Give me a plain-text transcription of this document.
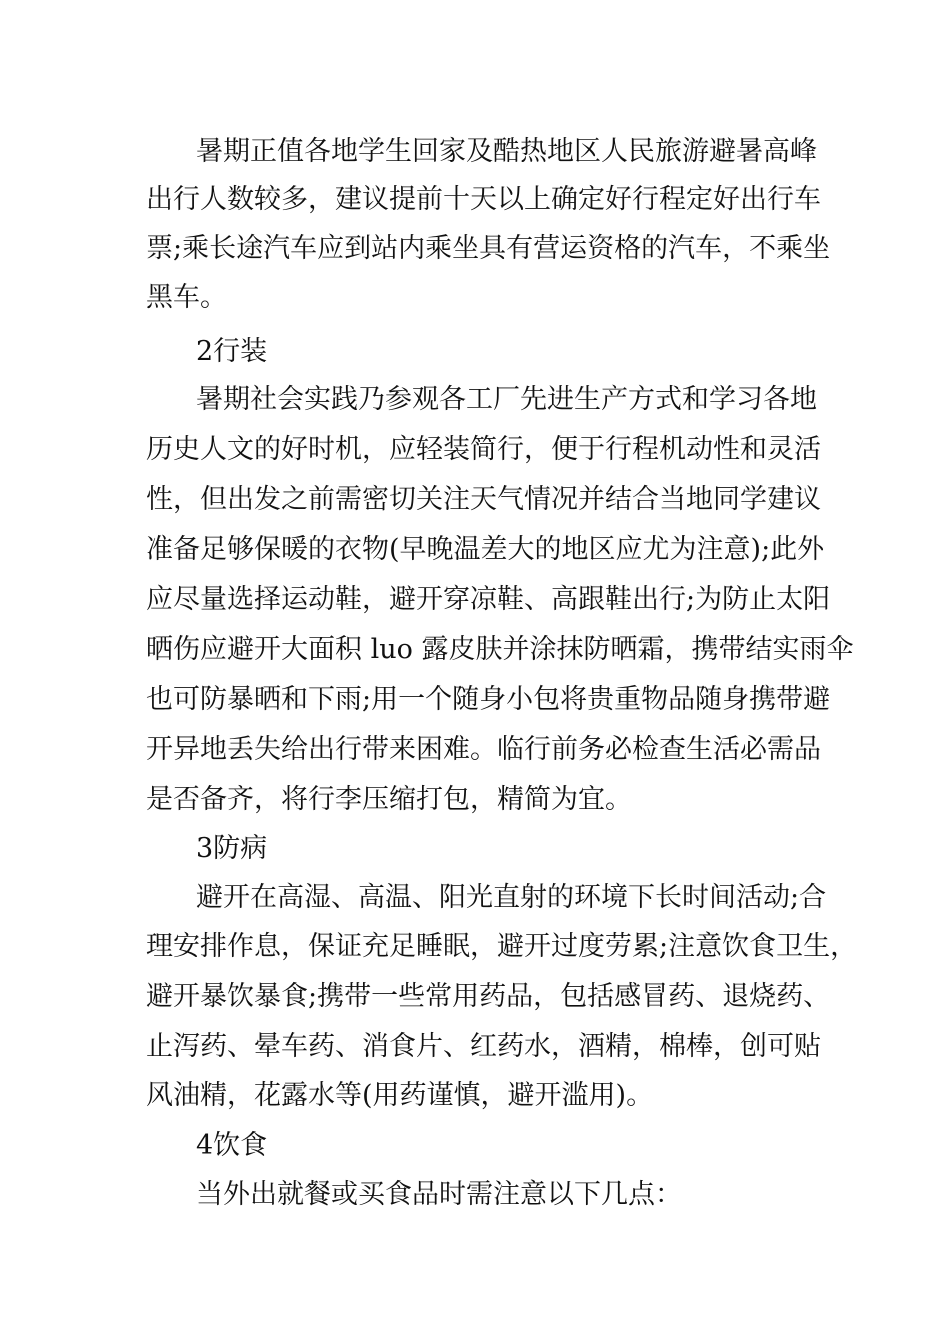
暑期正值各地学生回家及酷热地区人民旅游避暑高峰
出行人数较多，建议提前十天以上确定好行程定好出行车
票;乘长途汽车应到站内乘坐具有营运资格的汽车，不乘坐
黑车。
2行装
暑期社会实践乃参观各工厂先进生产方式和学习各地
历史人文的好时机，应轻装简行，便于行程机动性和灵活
性，但出发之前需密切关注天气情况并结合当地同学建议
准备足够保暖的衣物(早晚温差大的地区应尤为注意);此外
应尽量选择运动鞋，避开穿凉鞋、高跟鞋出行;为防止太阳
晒伤应避开大面积 luo 露皮肤并涂抹防晒霜，携带结实雨伞
也可防暴晒和下雨;用一个随身小包将贵重物品随身携带避
开异地丢失给出行带来困难。临行前务必检查生活必需品
是否备齐，将行李压缩打包，精简为宜。
3防病
避开在高湿、高温、阳光直射的环境下长时间活动;合
理安排作息，保证充足睡眠，避开过度劳累;注意饮食卫生，
避开暴饮暴食;携带一些常用药品，包括感冒药、退烧药、
止泻药、晕车药、消食片、红药水，酒精，棉棒，创可贴
风油精，花露水等(用药谨慎，避开滥用)。
4饮食
当外出就餐或买食品时需注意以下几点：
